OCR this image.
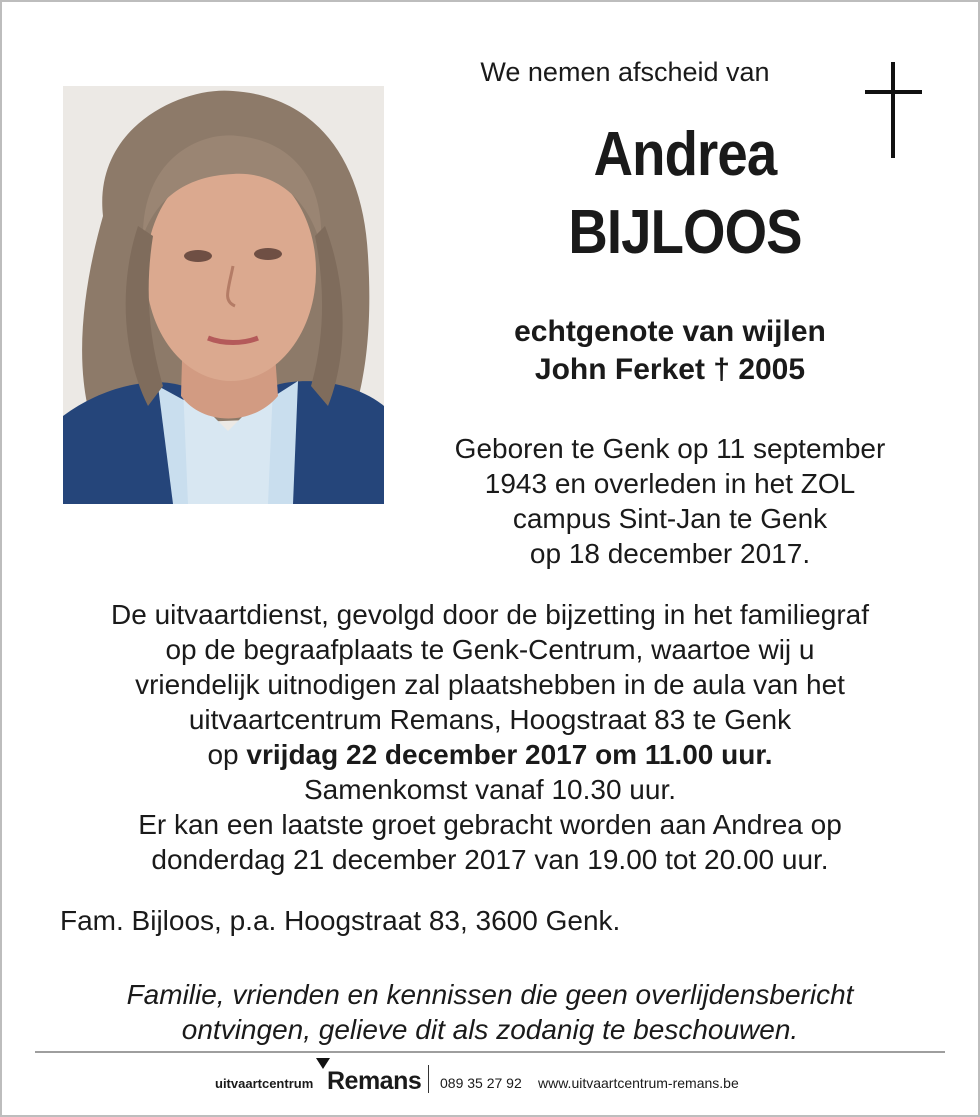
We nemen afscheid van
Andrea
BIJLOOS
echtgenote van wijlen
John Ferket † 2005
Geboren te Genk op 11 september
1943 en overleden in het ZOL
campus Sint-Jan te Genk
op 18 december 2017.
De uitvaartdienst, gevolgd door de bijzetting in het familiegraf
op de begraafplaats te Genk-Centrum, waartoe wij u
vriendelijk uitnodigen zal plaatshebben in de aula van het
uitvaartcentrum Remans, Hoogstraat 83 te Genk
op vrijdag 22 december 2017 om 11.00 uur.
Samenkomst vanaf 10.30 uur.
Er kan een laatste groet gebracht worden aan Andrea op
donderdag 21 december 2017 van 19.00 tot 20.00 uur.
Fam. Bijloos, p.a. Hoogstraat 83, 3600 Genk.
Familie, vrienden en kennissen die geen overlijdensbericht
ontvingen, gelieve dit als zodanig te beschouwen.
uitvaartcentrum Remans 089 35 27 92 www.uitvaartcentrum-remans.be
